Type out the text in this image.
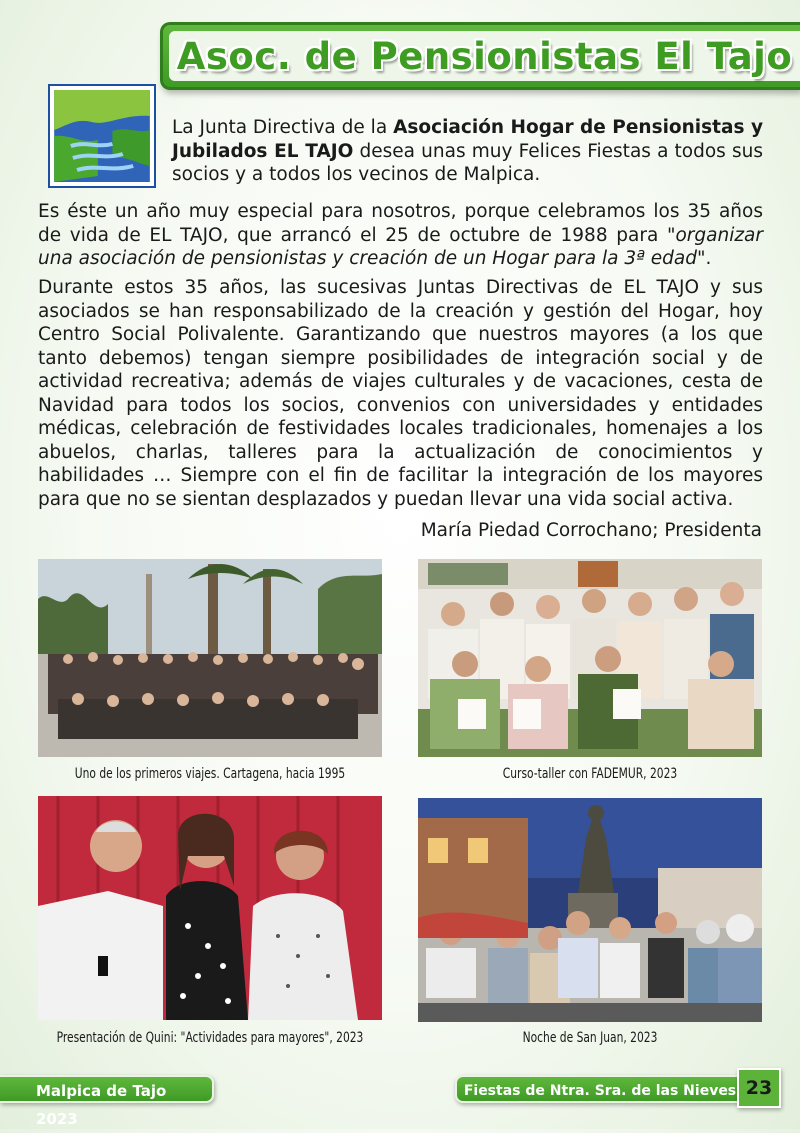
Asoc. de Pensionistas El Tajo

La Junta Directiva de la Asociación Hogar de Pensionistas y Jubilados EL TAJO desea unas muy Felices Fiestas a todos sus socios y a todos los vecinos de Malpica.

Es éste un año muy especial para nosotros, porque celebramos los 35 años de vida de EL TAJO, que arrancó el 25 de octubre de 1988 para "organizar una asociación de pensionistas y creación de un Hogar para la 3ª edad".

Durante estos 35 años, las sucesivas Juntas Directivas de EL TAJO y sus asociados se han responsabilizado de la creación y gestión del Hogar, hoy Centro Social Polivalente. Garantizando que nuestros mayores (a los que tanto debemos) tengan siempre posibilidades de integración social y de actividad recreativa; además de viajes culturales y de vacaciones, cesta de Navidad para todos los socios, convenios con universidades y entidades médicas, celebración de festividades locales tradicionales, homenajes a los abuelos, charlas, talleres para la actualización de conocimientos y habilidades … Siempre con el fin de facilitar la integración de los mayores para que no se sientan desplazados y puedan llevar una vida social activa.

María Piedad Corrochano; Presidenta
Uno de los primeros viajes. Cartagena, hacia 1995	Curso-taller con FADEMUR, 2023
Presentación de Quini: "Actividades para mayores", 2023	Noche de San Juan, 2023
Malpica de Tajo 2023
Fiestas de Ntra. Sra. de las Nieves 23
